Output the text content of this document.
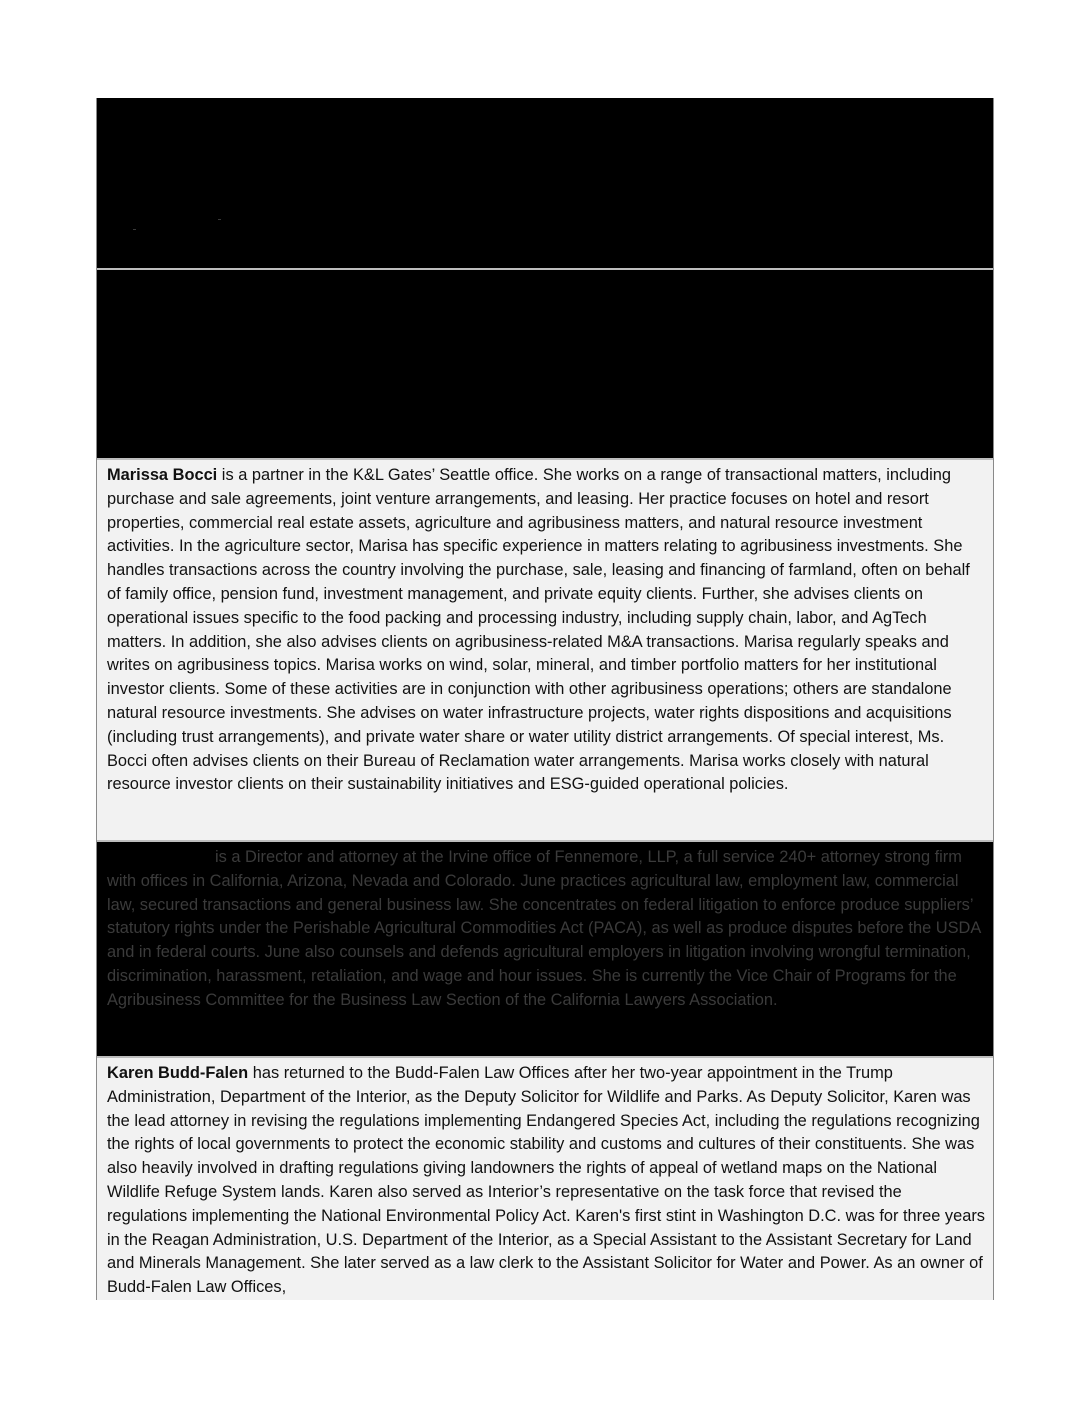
Marissa Bocci is a partner in the K&L Gates’ Seattle office. She works on a range of transactional matters, including purchase and sale agreements, joint venture arrangements, and leasing. Her practice focuses on hotel and resort properties, commercial real estate assets, agriculture and agribusiness matters, and natural resource investment activities. In the agriculture sector, Marisa has specific experience in matters relating to agribusiness investments. She handles transactions across the country involving the purchase, sale, leasing and financing of farmland, often on behalf of family office, pension fund, investment management, and private equity clients. Further, she advises clients on operational issues specific to the food packing and processing industry, including supply chain, labor, and AgTech matters. In addition, she also advises clients on agribusiness-related M&A transactions. Marisa regularly speaks and writes on agribusiness topics. Marisa works on wind, solar, mineral, and timber portfolio matters for her institutional investor clients. Some of these activities are in conjunction with other agribusiness operations; others are standalone natural resource investments. She advises on water infrastructure projects, water rights dispositions and acquisitions (including trust arrangements), and private water share or water utility district arrangements. Of special interest, Ms. Bocci often advises clients on their Bureau of Reclamation water arrangements. Marisa works closely with natural resource investor clients on their sustainability initiatives and ESG-guided operational policies.

is a Director and attorney at the Irvine office of Fennemore, LLP, a full service 240+ attorney strong firm with offices in California, Arizona, Nevada and Colorado. June practices agricultural law, employment law, commercial law, secured transactions and general business law. She concentrates on federal litigation to enforce produce suppliers’ statutory rights under the Perishable Agricultural Commodities Act (PACA), as well as produce disputes before the USDA and in federal courts. June also counsels and defends agricultural employers in litigation involving wrongful termination, discrimination, harassment, retaliation, and wage and hour issues. She is currently the Vice Chair of Programs for the Agribusiness Committee for the Business Law Section of the California Lawyers Association.

Karen Budd-Falen has returned to the Budd-Falen Law Offices after her two-year appointment in the Trump Administration, Department of the Interior, as the Deputy Solicitor for Wildlife and Parks. As Deputy Solicitor, Karen was the lead attorney in revising the regulations implementing Endangered Species Act, including the regulations recognizing the rights of local governments to protect the economic stability and customs and cultures of their constituents. She was also heavily involved in drafting regulations giving landowners the rights of appeal of wetland maps on the National Wildlife Refuge System lands. Karen also served as Interior’s representative on the task force that revised the regulations implementing the National Environmental Policy Act. Karen's first stint in Washington D.C. was for three years in the Reagan Administration, U.S. Department of the Interior, as a Special Assistant to the Assistant Secretary for Land and Minerals Management. She later served as a law clerk to the Assistant Solicitor for Water and Power. As an owner of Budd-Falen Law Offices,
